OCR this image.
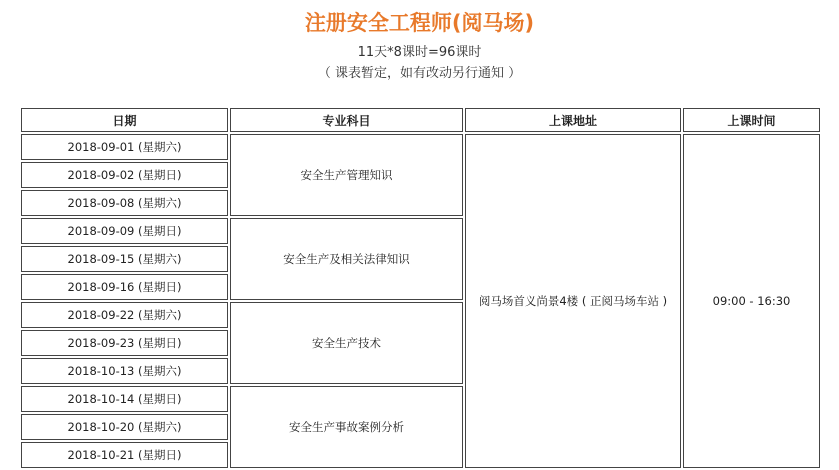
注册安全工程师(阅马场)
11天*8课时=96课时
（ 课表暂定，如有改动另行通知 ）
日期	专业科目	上课地址	上课时间
2018-09-01 (星期六)	安全生产管理知识	阅马场首义尚景4楼 ( 正阅马场车站 )	09:00 - 16:30
2018-09-02 (星期日)			
2018-09-08 (星期六)			
2018-09-09 (星期日)	安全生产及相关法律知识		
2018-09-15 (星期六)			
2018-09-16 (星期日)			
2018-09-22 (星期六)	安全生产技术		
2018-09-23 (星期日)			
2018-10-13 (星期六)			
2018-10-14 (星期日)	安全生产事故案例分析		
2018-10-20 (星期六)			
2018-10-21 (星期日)			
